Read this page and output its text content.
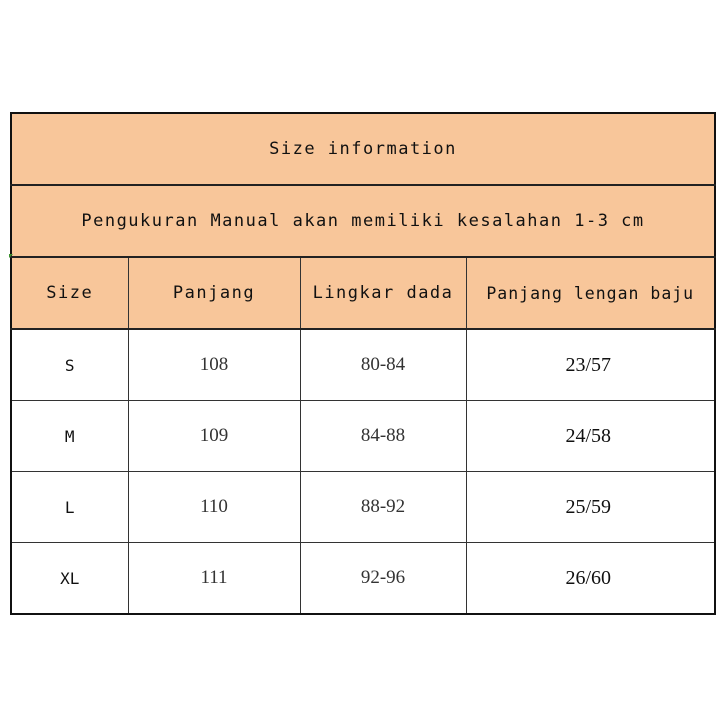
Size information			
Pengukuran Manual akan memiliki kesalahan 1-3 cm			
Size	Panjang	Lingkar dada	Panjang lengan baju
S	108	80-84	23/57
M	109	84-88	24/58
L	110	88-92	25/59
XL	111	92-96	26/60
